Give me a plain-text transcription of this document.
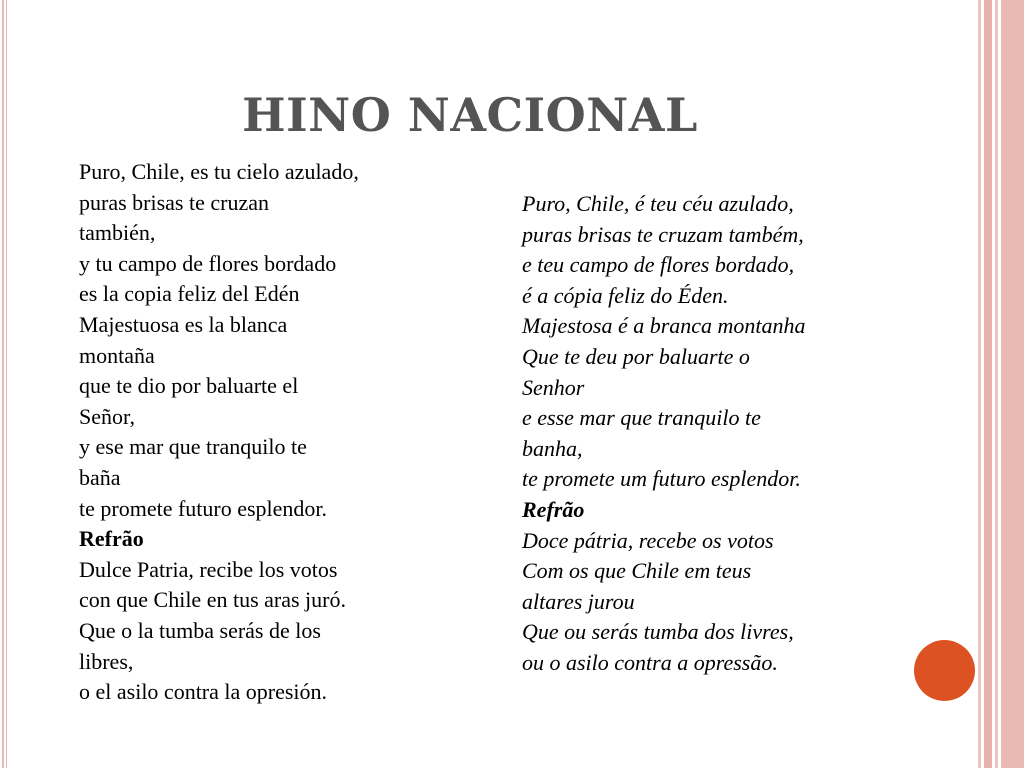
HINO NACIONAL
Puro, Chile, es tu cielo azulado,
puras brisas te cruzan
también,
y tu campo de flores bordado
es la copia feliz del Edén
Majestuosa es la blanca
montaña
que te dio por baluarte el
Señor,
y ese mar que tranquilo te
baña
te promete futuro esplendor.
Refrão
Dulce Patria, recibe los votos
con que Chile en tus aras juró.
Que o la tumba serás de los
libres,
o el asilo contra la opresión.
Puro, Chile, é teu céu azulado,
puras brisas te cruzam também,
e teu campo de flores bordado,
é a cópia feliz do Éden.
Majestosa é a branca montanha
Que te deu por baluarte o
Senhor
e esse mar que tranquilo te
banha,
te promete um futuro esplendor.
Refrão
Doce pátria, recebe os votos
Com os que Chile em teus
altares jurou
Que ou serás tumba dos livres,
ou o asilo contra a opressão.
